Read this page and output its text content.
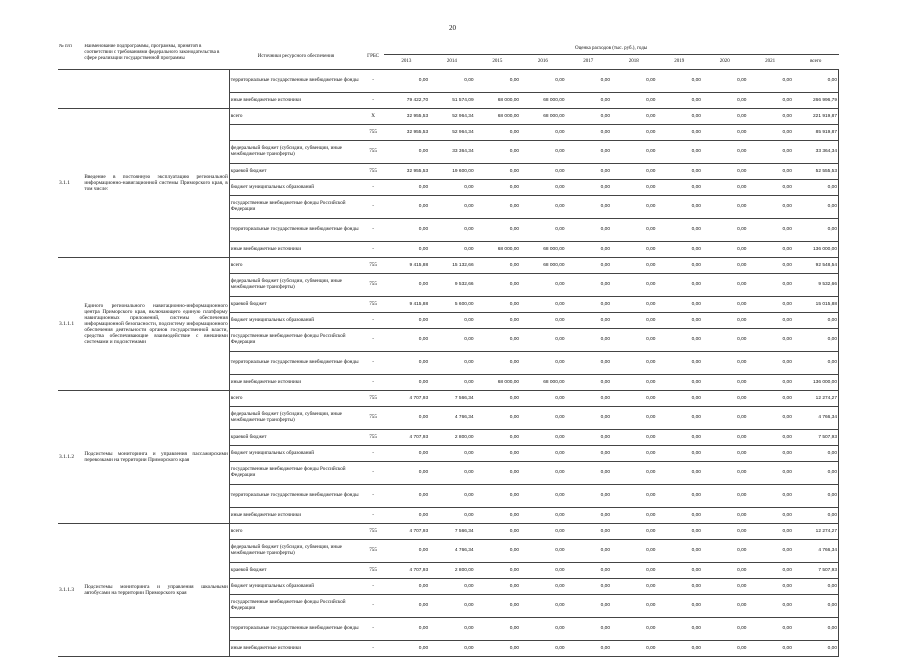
20
№ п/п	Наименование подпрограммы, программы, принятой в соответствии с требованиями федерального законодательства в сфере реализации государственной программы	Источники ресурсного обеспечения	ГРБС	Оценка расходов (тыс. руб.), годы									
				2013	2014	2015	2016	2017	2018	2019	2020	2021	всего
		территориальные государственные внебюджетные фонды	-	0,00	0,00	0,00	0,00	0,00	0,00	0,00	0,00	0,00	0,00
		иные внебюджетные источники	-	79 422,70	51 574,09	68 000,00	68 000,00	0,00	0,00	0,00	0,00	0,00	266 996,79
3.1.1	Введение в постоянную эксплуатацию региональной информационно-навигационной системы Приморского края, в том числе:	всего	X	32 955,53	52 964,34	68 000,00	68 000,00	0,00	0,00	0,00	0,00	0,00	221 919,87
			755	32 955,53	52 964,34	0,00	0,00	0,00	0,00	0,00	0,00	0,00	85 919,87
		федеральный бюджет (субсидии, субвенции, иные межбюджетные трансферты)	755	0,00	33 364,34	0,00	0,00	0,00	0,00	0,00	0,00	0,00	33 364,34
		краевой бюджет	755	32 955,53	19 600,00	0,00	0,00	0,00	0,00	0,00	0,00	0,00	52 555,53
		бюджет муниципальных образований	-	0,00	0,00	0,00	0,00	0,00	0,00	0,00	0,00	0,00	0,00
		государственные внебюджетные фонды Российской Федерации	-	0,00	0,00	0,00	0,00	0,00	0,00	0,00	0,00	0,00	0,00
		территориальные государственные внебюджетные фонды	-	0,00	0,00	0,00	0,00	0,00	0,00	0,00	0,00	0,00	0,00
		иные внебюджетные источники	-	0,00	0,00	68 000,00	68 000,00	0,00	0,00	0,00	0,00	0,00	136 000,00
3.1.1.1	Единого регионального навигационно-информационного центра Приморского края, включающего единую платформу навигационных приложений, системы обеспечения информационной безопасности, подсистему информационного обеспечения деятельности органов государственной власти, средства обеспечивающие взаимодействие с внешними системами и подсистемами	всего	755	9 415,88	15 132,66	0,00	68 000,00	0,00	0,00	0,00	0,00	0,00	92 548,54
		федеральный бюджет (субсидии, субвенции, иные межбюджетные трансферты)	755	0,00	9 532,66	0,00	0,00	0,00	0,00	0,00	0,00	0,00	9 532,66
		краевой бюджет	755	9 415,88	5 600,00	0,00	0,00	0,00	0,00	0,00	0,00	0,00	15 015,88
		бюджет муниципальных образований	-	0,00	0,00	0,00	0,00	0,00	0,00	0,00	0,00	0,00	0,00
		государственные внебюджетные фонды Российской Федерации	-	0,00	0,00	0,00	0,00	0,00	0,00	0,00	0,00	0,00	0,00
		территориальные государственные внебюджетные фонды	-	0,00	0,00	0,00	0,00	0,00	0,00	0,00	0,00	0,00	0,00
		иные внебюджетные источники	-	0,00	0,00	68 000,00	68 000,00	0,00	0,00	0,00	0,00	0,00	136 000,00
3.1.1.2	Подсистемы мониторинга и управления пассажирскими перевозками на территории Приморского края	всего	755	4 707,93	7 566,34	0,00	0,00	0,00	0,00	0,00	0,00	0,00	12 274,27
		федеральный бюджет (субсидии, субвенции, иные межбюджетные трансферты)	755	0,00	4 766,34	0,00	0,00	0,00	0,00	0,00	0,00	0,00	4 766,34
		краевой бюджет	755	4 707,93	2 800,00	0,00	0,00	0,00	0,00	0,00	0,00	0,00	7 507,93
		бюджет муниципальных образований	-	0,00	0,00	0,00	0,00	0,00	0,00	0,00	0,00	0,00	0,00
		государственные внебюджетные фонды Российской Федерации	-	0,00	0,00	0,00	0,00	0,00	0,00	0,00	0,00	0,00	0,00
		территориальные государственные внебюджетные фонды	-	0,00	0,00	0,00	0,00	0,00	0,00	0,00	0,00	0,00	0,00
		иные внебюджетные источники	-	0,00	0,00	0,00	0,00	0,00	0,00	0,00	0,00	0,00	0,00
3.1.1.3	Подсистемы мониторинга и управления школьными автобусами на территории Приморского края	всего	755	4 707,93	7 566,34	0,00	0,00	0,00	0,00	0,00	0,00	0,00	12 274,27
		федеральный бюджет (субсидии, субвенции, иные межбюджетные трансферты)	755	0,00	4 766,34	0,00	0,00	0,00	0,00	0,00	0,00	0,00	4 766,34
		краевой бюджет	755	4 707,93	2 800,00	0,00	0,00	0,00	0,00	0,00	0,00	0,00	7 507,93
		бюджет муниципальных образований	-	0,00	0,00	0,00	0,00	0,00	0,00	0,00	0,00	0,00	0,00
		государственные внебюджетные фонды Российской Федерации	-	0,00	0,00	0,00	0,00	0,00	0,00	0,00	0,00	0,00	0,00
		территориальные государственные внебюджетные фонды	-	0,00	0,00	0,00	0,00	0,00	0,00	0,00	0,00	0,00	0,00
		иные внебюджетные источники	-	0,00	0,00	0,00	0,00	0,00	0,00	0,00	0,00	0,00	0,00
